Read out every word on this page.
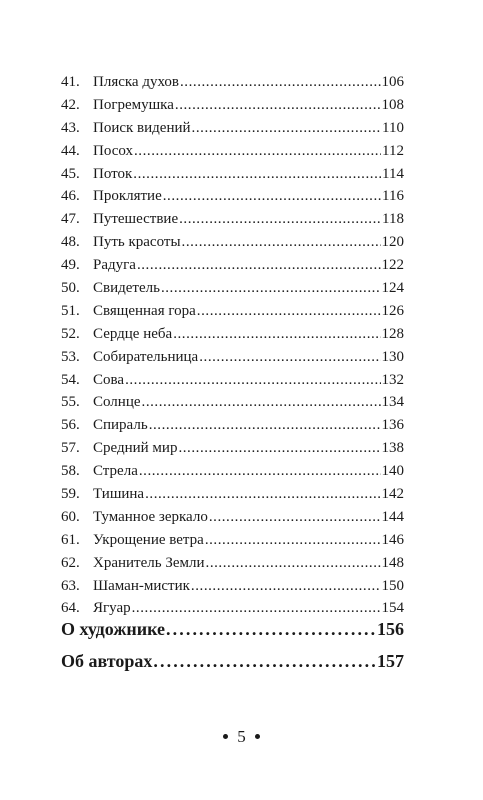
41. Пляска духов . . .	106
42. Погремушка . . .	108
43. Поиск видений . . .	110
44. Посох . . .	112
45. Поток . . .	114
46. Проклятие . . .	116
47. Путешествие . . .	118
48. Путь красоты . . .	120
49. Радуга . . .	122
50. Свидетель . . .	124
51. Священная гора . . .	126
52. Сердце неба . . .	128
53. Собирательница . . .	130
54. Сова . . .	132
55. Солнце . . .	134
56. Спираль . . .	136
57. Средний мир . . .	138
58. Стрела . . .	140
59. Тишина . . .	142
60. Туманное зеркало . . .	144
61. Укрощение ветра . . .	146
62. Хранитель Земли . . .	148
63. Шаман-мистик . . .	150
64. Ягуар . . .	154
О художнике . . .	156
Об авторах . . .	157
5
